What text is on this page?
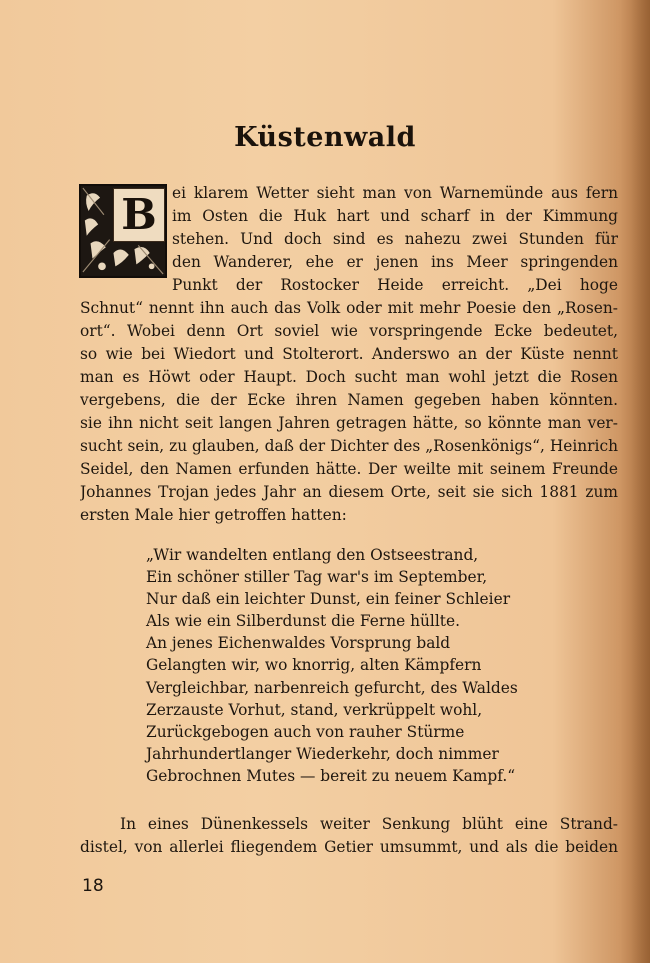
Küstenwald
B ei klarem Wetter sieht man von Warnemünde aus fern
im Osten die Huk hart und scharf in der Kimmung
stehen. Und doch sind es nahezu zwei Stunden für
den Wanderer, ehe er jenen ins Meer springenden
Punkt der Rostocker Heide erreicht. „Dei hoge
Schnut“ nennt ihn auch das Volk oder mit mehr Poesie den „Rosen-
ort“. Wobei denn Ort soviel wie vorspringende Ecke bedeutet,
so wie bei Wiedort und Stolterort. Anderswo an der Küste nennt
man es Höwt oder Haupt. Doch sucht man wohl jetzt die Rosen
vergebens, die der Ecke ihren Namen gegeben haben könnten.
sie ihn nicht seit langen Jahren getragen hätte, so könnte man ver-
sucht sein, zu glauben, daß der Dichter des „Rosenkönigs“, Heinrich
Seidel, den Namen erfunden hätte. Der weilte mit seinem Freunde
Johannes Trojan jedes Jahr an diesem Orte, seit sie sich 1881 zum
ersten Male hier getroffen hatten:
„Wir wandelten entlang den Ostseestrand,
Ein schöner stiller Tag war's im September,
Nur daß ein leichter Dunst, ein feiner Schleier
Als wie ein Silberdunst die Ferne hüllte.
An jenes Eichenwaldes Vorsprung bald
Gelangten wir, wo knorrig, alten Kämpfern
Vergleichbar, narbenreich gefurcht, des Waldes
Zerzauste Vorhut, stand, verkrüppelt wohl,
Zurückgebogen auch von rauher Stürme
Jahrhundertlanger Wiederkehr, doch nimmer
Gebrochnen Mutes — bereit zu neuem Kampf.“
In eines Dünenkessels weiter Senkung blüht eine Strand-
distel, von allerlei fliegendem Getier umsummt, und als die beiden
18
